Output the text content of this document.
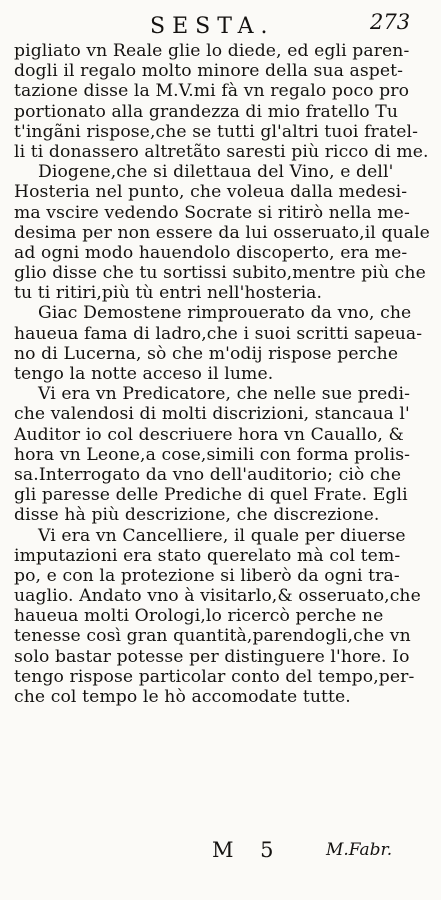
SESTA.	273
pigliato vn Reale glie lo diede, ed egli paren-
dogli il regalo molto minore della sua aspet-
tazione disse la M.V.mi fà vn regalo poco pro
portionato alla grandezza di mio fratello Tu
t'ingãni rispose,che se tutti gl'altri tuoi fratel-
li ti donassero altretãto saresti più ricco di me.
Diogene,che si dilettaua del Vino, e dell'
Hosteria nel punto, che voleua dalla medesi-
ma vscire vedendo Socrate si ritirò nella me-
desima per non essere da lui osseruato,il quale
ad ogni modo hauendolo discoperto, era me-
glio disse che tu sortissi subito,mentre più che
tu ti ritiri,più tù entri nell'hosteria.
Giac Demostene rimprouerato da vno, che
haueua fama di ladro,che i suoi scritti sapeua-
no di Lucerna, sò che m'odij rispose perche
tengo la notte acceso il lume.
Vi era vn Predicatore, che nelle sue predi-
che valendosi di molti discrizioni, stancaua l'
Auditor io col descriuere hora vn Cauallo, &
hora vn Leone,a cose,simili con forma prolis-
sa.Interrogato da vno dell'auditorio; ciò che
gli paresse delle Prediche di quel Frate. Egli
disse hà più descrizione, che discrezione.
Vi era vn Cancelliere, il quale per diuerse
imputazioni era stato querelato mà col tem-
po, e con la protezione si liberò da ogni tra-
uaglio. Andato vno à visitarlo,& osseruato,che
haueua molti Orologi,lo ricercò perche ne
tenesse così gran quantità,parendogli,che vn
solo bastar potesse per distinguere l'hore. Io
tengo rispose particolar conto del tempo,per-
che col tempo le hò accomodate tutte.
M 5 M.Fabr.
